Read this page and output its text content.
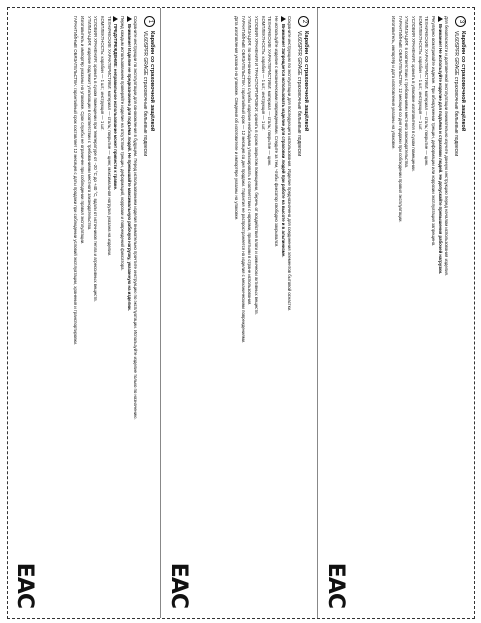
1
Карабин со страховочной защёлкой
VL60SPFR GRAGE страховочные бельевые подвески

Сохраните инструкции по эксплуатации для ознакомления в будущем. Перед использованием изделия внимательно прочтите инструкцию по эксплуатации. Используйте изделие только по назначению.

Внимание! Изделие не предназначено для подъёма людей. Не превышайте максимальную рабочую нагрузку, указанную на изделии.

Перед каждым использованием проверяйте изделие на отсутствие трещин, деформаций, коррозии и повреждений фиксатора.

ПРЕДУПРЕЖДЕНИЕ: неправильное использование может привести к травме.

ТЕХНИЧЕСКИЕ ХАРАКТЕРИСТИКИ: материал — сталь; покрытие — цинк; максимальная нагрузка указана на изделии.

КОМПЛЕКТНОСТЬ: карабин — 1 шт.; инструкция — 1 шт.

УСЛОВИЯ ХРАНЕНИЯ: хранить в сухом помещении при температуре от −20 °C до +40 °C, вдали от источников тепла и агрессивных веществ.

УТИЛИЗАЦИЯ: изделие подлежит утилизации в соответствии с требованиями местного законодательства.

Изготовитель и импортёр указаны на упаковке. Срок службы не ограничен при соблюдении правил эксплуатации.

ГАРАНТИЙНЫЕ ОБЯЗАТЕЛЬСТВА: гарантийный срок составляет 12 месяцев с даты продажи при соблюдении условий эксплуатации, хранения и транспортировки.

ЕАС
2
Карабин со страховочной защёлкой
VL60SPFR GRAGE страховочные бельевые подвески

Сохраните инструкцию по эксплуатации для последующего использования. Изделие предназначено для соединения элементов бытовой оснастки.

Внимание! Запрещается использовать изделие для страховки людей при работе на высоте и в альпинизме.

Не используйте изделие с механическими повреждениями. Следите за тем, чтобы фиксатор свободно закрывался.

ТЕХНИЧЕСКИЕ ХАРАКТЕРИСТИКИ: материал — сталь; покрытие — цинк.

КОМПЛЕКТНОСТЬ: карабин — 1 шт.; инструкция — 1 шт.

УСЛОВИЯ ХРАНЕНИЯ И ТРАНСПОРТИРОВКИ: хранить в сухом закрытом помещении, беречь от воздействия влаги и химически активных веществ.

УТИЛИЗАЦИЯ: по окончании срока службы изделие необходимо утилизировать в соответствии с нормами, принятыми в стране использования.

ГАРАНТИЙНЫЕ ОБЯЗАТЕЛЬСТВА: гарантийный срок — 12 месяцев со дня продажи. Гарантия не распространяется на изделия с механическими повреждениями.

Дата изготовления указана на упаковке. Сведения об изготовителе и импортёре указаны на упаковке.

ЕАС
3
Карабин со страховочной защёлкой
VL60SPFR GRAGE страховочные бельевые подвески

Для безопасности и долговечной эксплуатации внимательно изучите данную инструкцию перед началом использования изделия.

Внимание! Не используйте изделие для подъёма и страховки людей. Не допускайте превышения рабочей нагрузки.

Регулярно осматривайте изделие. При обнаружении трещин, деформации или коррозии эксплуатация запрещена.

ТЕХНИЧЕСКИЕ ХАРАКТЕРИСТИКИ: материал — сталь; покрытие — цинк.

КОМПЛЕКТНОСТЬ: карабин — 1 шт.; инструкция — 1 шт.

УСЛОВИЯ ХРАНЕНИЯ: хранить в упаковке изготовителя в сухом помещении.

УТИЛИЗАЦИЯ: в соответствии с требованиями местного законодательства.

ГАРАНТИЙНЫЕ ОБЯЗАТЕЛЬСТВА: 12 месяцев со дня продажи при соблюдении правил эксплуатации.

Изготовитель, импортёр и дата изготовления указаны на упаковке.

ЕАС
